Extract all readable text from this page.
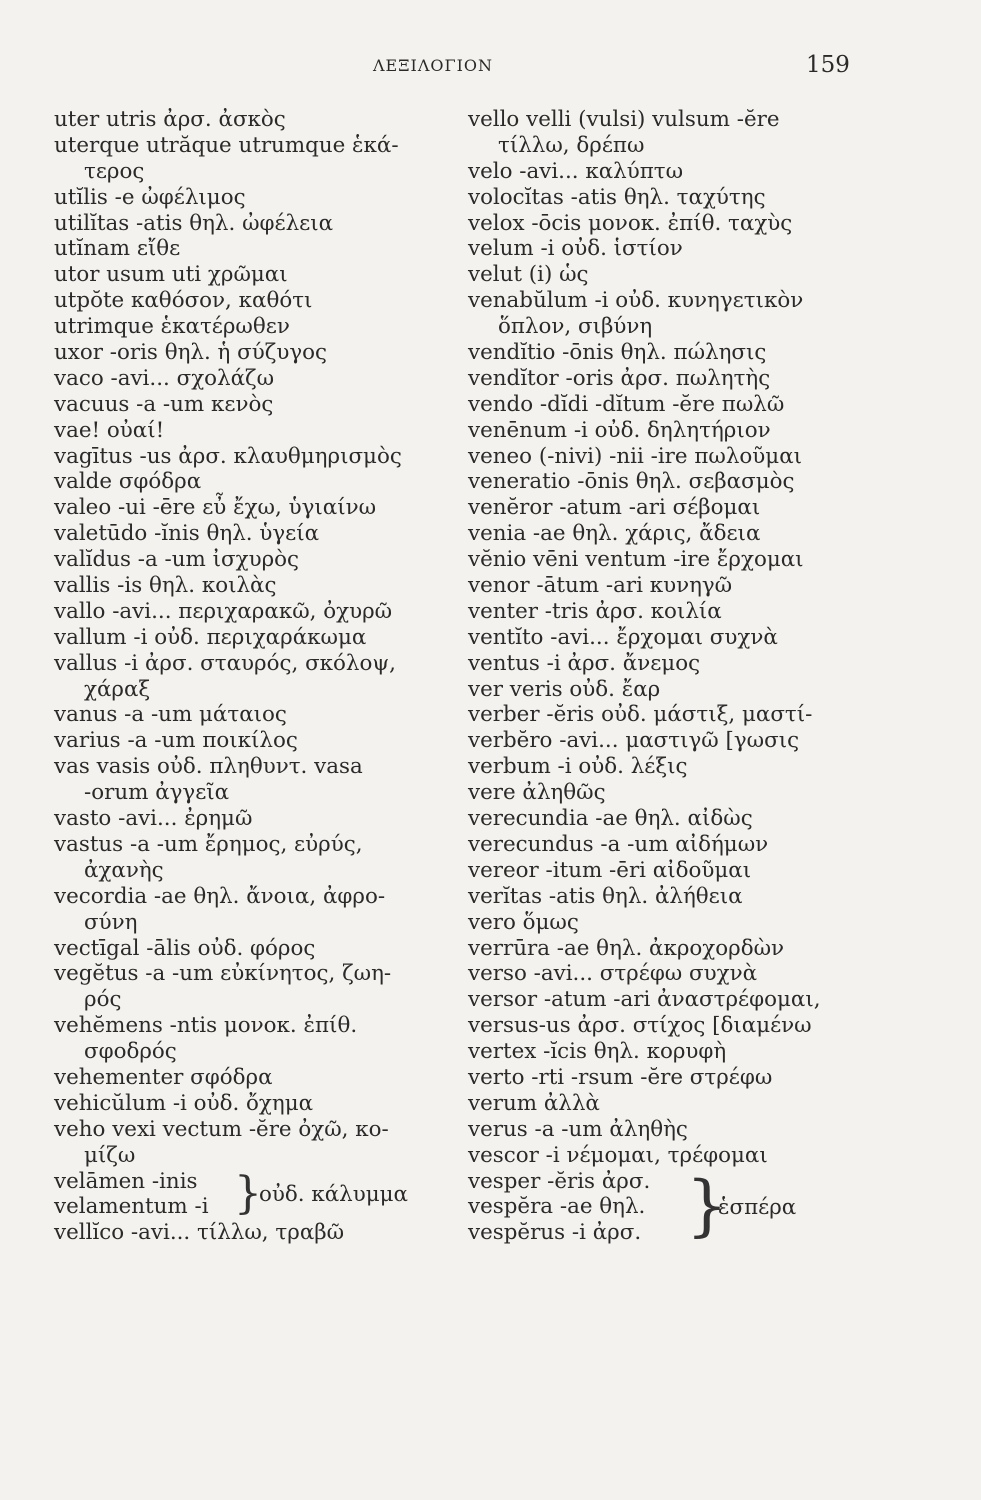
ΛΕΞΙΛΟΓΙΟΝ	159
uter utris ἀρσ. ἀσκὸς
uterque utrăque utrumque ἑκά-
τερος
utĭlis -e ὠφέλιμος
utilĭtas -atis θηλ. ὠφέλεια
utĭnam εἴθε
utor usum uti χρῶμαι
utpŏte καθόσον, καθότι
utrimque ἑκατέρωθεν
uxor -oris θηλ. ἡ σύζυγος
vaco -avi... σχολάζω
vacuus -a -um κενὸς
vae! οὐαί!
vagītus -us ἀρσ. κλαυθμηρισμὸς
valde σφόδρα
valeo -ui -ēre εὖ ἔχω, ὑγιαίνω
valetūdo -ĭnis θηλ. ὑγεία
valĭdus -a -um ἰσχυρὸς
vallis -is θηλ. κοιλὰς
vallo -avi... περιχαρακῶ, ὀχυρῶ
vallum -i οὐδ. περιχαράκωμα
vallus -i ἀρσ. σταυρός, σκόλοψ,
χάραξ
vanus -a -um μάταιος
varius -a -um ποικίλος
vas vasis οὐδ. πληθυντ. vasa
-orum ἀγγεῖα
vasto -avi... ἐρημῶ
vastus -a -um ἔρημος, εὐρύς,
ἀχανὴς
vecordia -ae θηλ. ἄνοια, ἀφρο-
σύνη
vectīgal -ālis οὐδ. φόρος
vegĕtus -a -um εὐκίνητος, ζωη-
ρός
vehĕmens -ntis μονοκ. ἐπίθ.
σφοδρός
vehementer σφόδρα
vehicŭlum -i οὐδ. ὄχημα
veho vexi vectum -ĕre ὀχῶ, κο-
μίζω
velāmen -inis
velamentum -i }
οὐδ. κάλυμμα
vellĭco -avi... τίλλω, τραβῶ
vello velli (vulsi) vulsum -ĕre
τίλλω, δρέπω
velo -avi... καλύπτω
volocĭtas -atis θηλ. ταχύτης
velox -ōcis μονοκ. ἐπίθ. ταχὺς
velum -i οὐδ. ἱστίον
velut (i) ὡς
venabŭlum -i οὐδ. κυνηγετικὸν
ὅπλον, σιβύνη
vendĭtio -ōnis θηλ. πώλησις
vendĭtor -oris ἀρσ. πωλητὴς
vendo -dĭdi -dĭtum -ĕre πωλῶ
venēnum -i οὐδ. δηλητήριον
veneo (-nivi) -nii -ire πωλοῦμαι
veneratio -ōnis θηλ. σεβασμὸς
venĕror -atum -ari σέβομαι
venia -ae θηλ. χάρις, ἄδεια
vĕnio vēni ventum -ire ἔρχομαι
venor -ātum -ari κυνηγῶ
venter -tris ἀρσ. κοιλία
ventĭto -avi... ἔρχομαι συχνὰ
ventus -i ἀρσ. ἄνεμος
ver veris οὐδ. ἔαρ
verber -ĕris οὐδ. μάστιξ, μαστί-
verbĕro -avi... μαστιγῶ [γωσις
verbum -i οὐδ. λέξις
vere ἀληθῶς
verecundia -ae θηλ. αἰδὼς
verecundus -a -um αἰδήμων
vereor -itum -ēri αἰδοῦμαι
verĭtas -atis θηλ. ἀλήθεια
vero ὅμως
verrūra -ae θηλ. ἀκροχορδὼν
verso -avi... στρέφω συχνὰ
versor -atum -ari ἀναστρέφομαι,
versus-us ἀρσ. στίχος [διαμένω
vertex -ĭcis θηλ. κορυφὴ
verto -rti -rsum -ĕre στρέφω
verum ἀλλὰ
verus -a -um ἀληθὴς
vescor -i νέμομαι, τρέφομαι
vesper -ĕris ἀρσ.
vespĕra -ae θηλ.
vespĕrus -i ἀρσ. }
ἑσπέρα
